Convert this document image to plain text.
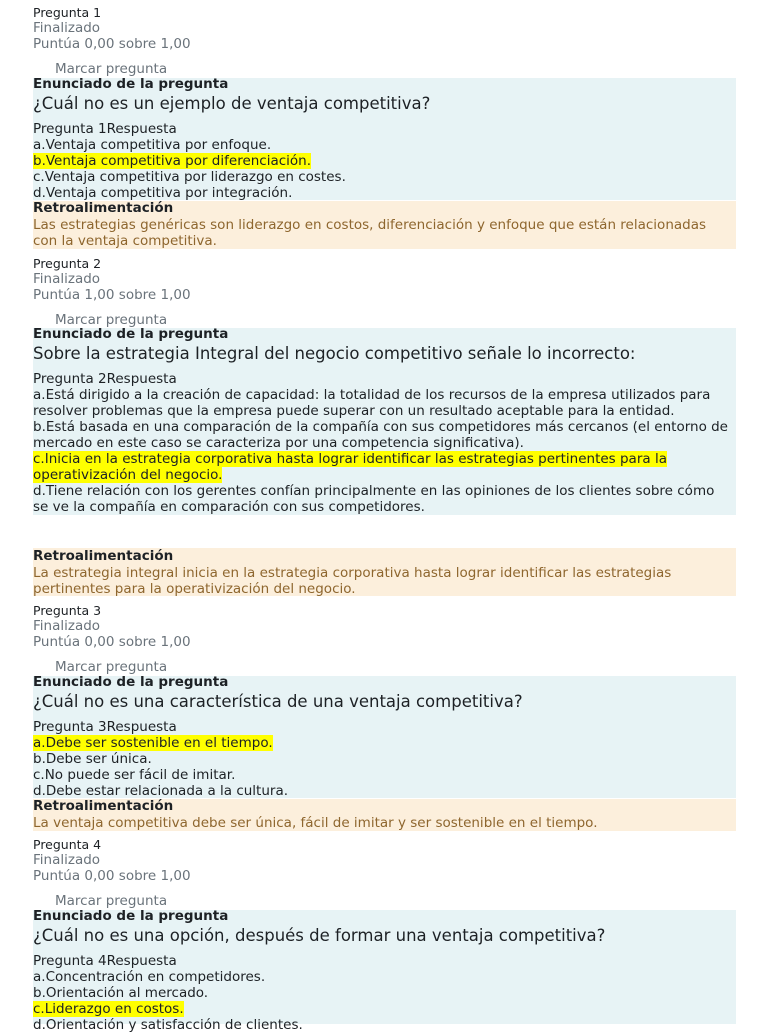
Pregunta 1
Finalizado
Puntúa 0,00 sobre 1,00
Marcar pregunta
Enunciado de la pregunta
¿Cuál no es un ejemplo de ventaja competitiva?
Pregunta 1Respuesta
a.Ventaja competitiva por enfoque.
b.Ventaja competitiva por diferenciación.
c.Ventaja competitiva por liderazgo en costes.
d.Ventaja competitiva por integración.
Retroalimentación
Las estrategias genéricas son liderazgo en costos, diferenciación y enfoque que están relacionadas con la ventaja competitiva.
Pregunta 2
Finalizado
Puntúa 1,00 sobre 1,00
Marcar pregunta
Enunciado de la pregunta
Sobre la estrategia Integral del negocio competitivo señale lo incorrecto:
Pregunta 2Respuesta
a.Está dirigido a la creación de capacidad: la totalidad de los recursos de la empresa utilizados para resolver problemas que la empresa puede superar con un resultado aceptable para la entidad.
b.Está basada en una comparación de la compañía con sus competidores más cercanos (el entorno de mercado en este caso se caracteriza por una competencia significativa).
c.Inicia en la estrategia corporativa hasta lograr identificar las estrategias pertinentes para la operativización del negocio.
d.Tiene relación con los gerentes confían principalmente en las opiniones de los clientes sobre cómo se ve la compañía en comparación con sus competidores.
Retroalimentación
La estrategia integral inicia en la estrategia corporativa hasta lograr identificar las estrategias pertinentes para la operativización del negocio.
Pregunta 3
Finalizado
Puntúa 0,00 sobre 1,00
Marcar pregunta
Enunciado de la pregunta
¿Cuál no es una característica de una ventaja competitiva?
Pregunta 3Respuesta
a.Debe ser sostenible en el tiempo.
b.Debe ser única.
c.No puede ser fácil de imitar.
d.Debe estar relacionada a la cultura.
Retroalimentación
La ventaja competitiva debe ser única, fácil de imitar y ser sostenible en el tiempo.
Pregunta 4
Finalizado
Puntúa 0,00 sobre 1,00
Marcar pregunta
Enunciado de la pregunta
¿Cuál no es una opción, después de formar una ventaja competitiva?
Pregunta 4Respuesta
a.Concentración en competidores.
b.Orientación al mercado.
c.Liderazgo en costos.
d.Orientación y satisfacción de clientes.
